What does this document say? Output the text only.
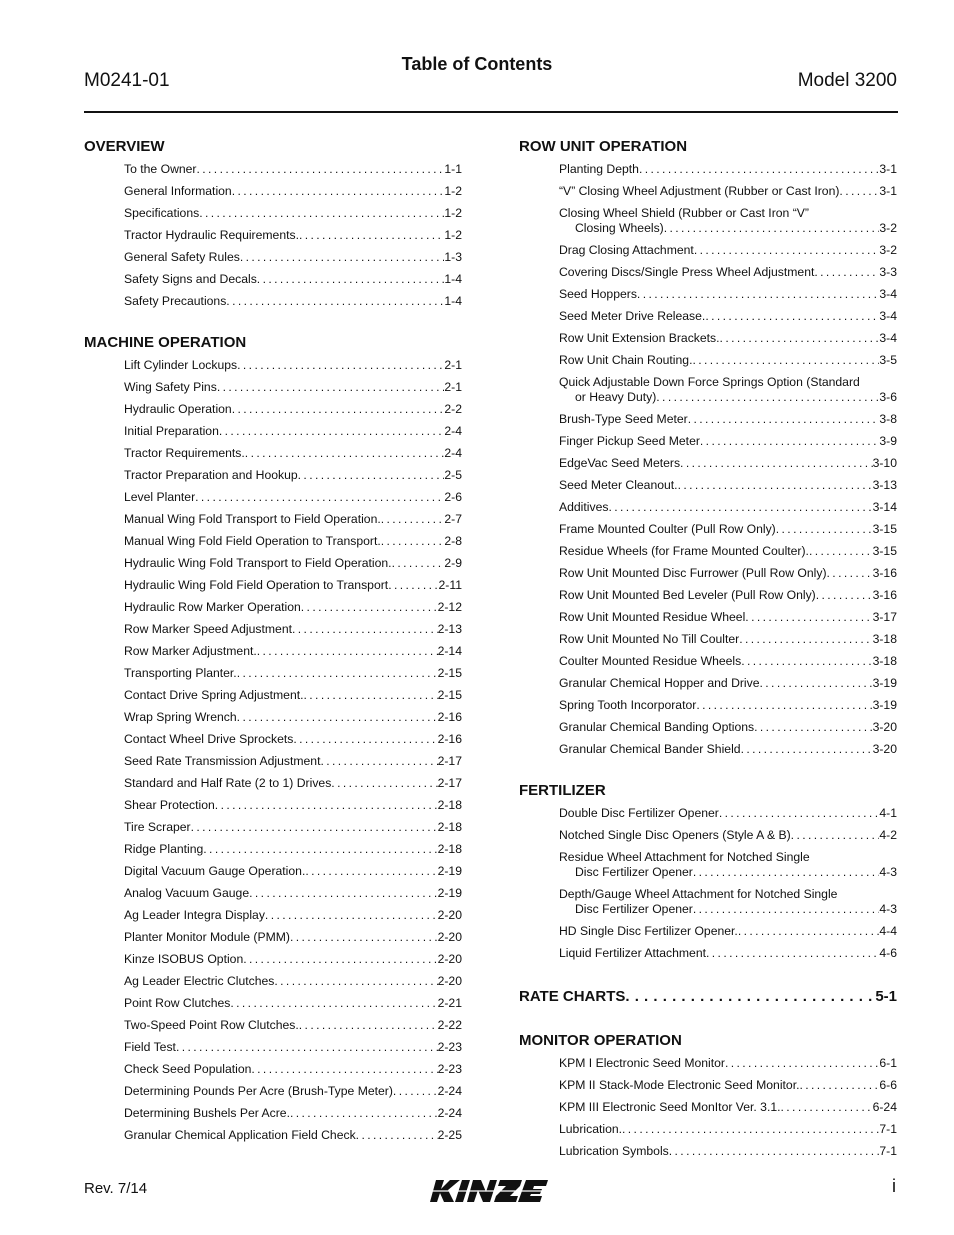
M0241-01
Table of Contents
Model 3200
OVERVIEW
To the Owner . . .	1-1
General Information . . .	1-2
Specifications . . .	1-2
Tractor Hydraulic Requirements. . . .	1-2
General Safety Rules . . .	1-3
Safety Signs and Decals . . .	1-4
Safety Precautions . . .	1-4
MACHINE OPERATION
Lift Cylinder Lockups . . .	2-1
Wing Safety Pins . . .	2-1
Hydraulic Operation . . .	2-2
Initial Preparation . . .	2-4
Tractor Requirements. . . .	2-4
Tractor Preparation and Hookup . . .	2-5
Level Planter . . .	2-6
Manual Wing Fold Transport to Field Operation. . . .	2-7
Manual Wing Fold Field Operation to Transport. . . .	2-8
Hydraulic Wing Fold Transport to Field Operation. . . .	2-9
Hydraulic Wing Fold Field Operation to Transport . . .	2-11
Hydraulic Row Marker Operation . . .	2-12
Row Marker Speed Adjustment . . .	2-13
Row Marker Adjustment. . . .	2-14
Transporting Planter. . . .	2-15
Contact Drive Spring Adjustment. . . .	2-15
Wrap Spring Wrench . . .	2-16
Contact Wheel Drive Sprockets . . .	2-16
Seed Rate Transmission Adjustment . . .	2-17
Standard and Half Rate (2 to 1) Drives . . .	2-17
Shear Protection . . .	2-18
Tire Scraper . . .	2-18
Ridge Planting . . .	2-18
Digital Vacuum Gauge Operation. . . .	2-19
Analog Vacuum Gauge . . .	2-19
Ag Leader Integra Display . . .	2-20
Planter Monitor Module (PMM) . . .	2-20
Kinze ISOBUS Option . . .	2-20
Ag Leader Electric Clutches . . .	2-20
Point Row Clutches . . .	2-21
Two-Speed Point Row Clutches. . . .	2-22
Field Test . . .	2-23
Check Seed Population . . .	2-23
Determining Pounds Per Acre (Brush-Type Meter) . . .	2-24
Determining Bushels Per Acre. . . .	2-24
Granular Chemical Application Field Check . . .	2-25
ROW UNIT OPERATION
Planting Depth . . .	3-1
“V” Closing Wheel Adjustment (Rubber or Cast Iron) . . .	3-1
Closing Wheel Shield (Rubber or Cast Iron “V”
Closing Wheels) . . .	3-2
Drag Closing Attachment . . .	3-2
Covering Discs/Single Press Wheel Adjustment . . .	3-3
Seed Hoppers . . .	3-4
Seed Meter Drive Release. . . .	3-4
Row Unit Extension Brackets. . . .	3-4
Row Unit Chain Routing. . . .	3-5
Quick Adjustable Down Force Springs Option (Standard
or Heavy Duty) . . .	3-6
Brush-Type Seed Meter . . .	3-8
Finger Pickup Seed Meter . . .	3-9
EdgeVac Seed Meters . . .	3-10
Seed Meter Cleanout. . . .	3-13
Additives . . .	3-14
Frame Mounted Coulter (Pull Row Only) . . .	3-15
Residue Wheels (for Frame Mounted Coulter). . . .	3-15
Row Unit Mounted Disc Furrower (Pull Row Only) . . .	3-16
Row Unit Mounted Bed Leveler (Pull Row Only) . . .	3-16
Row Unit Mounted Residue Wheel . . .	3-17
Row Unit Mounted No Till Coulter . . .	3-18
Coulter Mounted Residue Wheels . . .	3-18
Granular Chemical Hopper and Drive . . .	3-19
Spring Tooth Incorporator . . .	3-19
Granular Chemical Banding Options . . .	3-20
Granular Chemical Bander Shield . . .	3-20
FERTILIZER
Double Disc Fertilizer Opener . . .	4-1
Notched Single Disc Openers (Style A & B) . . .	4-2
Residue Wheel Attachment for Notched Single
Disc Fertilizer Opener . . .	4-3
Depth/Gauge Wheel Attachment for Notched Single
Disc Fertilizer Opener . . .	4-3
HD Single Disc Fertilizer Opener. . . .	4-4
Liquid Fertilizer Attachment . . .	4-6
RATE CHARTS . . .	5-1
MONITOR OPERATION
KPM I Electronic Seed Monitor . . .	6-1
KPM II Stack-Mode Electronic Seed Monitor. . . .	6-6
KPM III Electronic Seed MonItor Ver. 3.1. . . .	6-24
Lubrication. . . .	7-1
Lubrication Symbols . . .	7-1
Rev. 7/14	i
